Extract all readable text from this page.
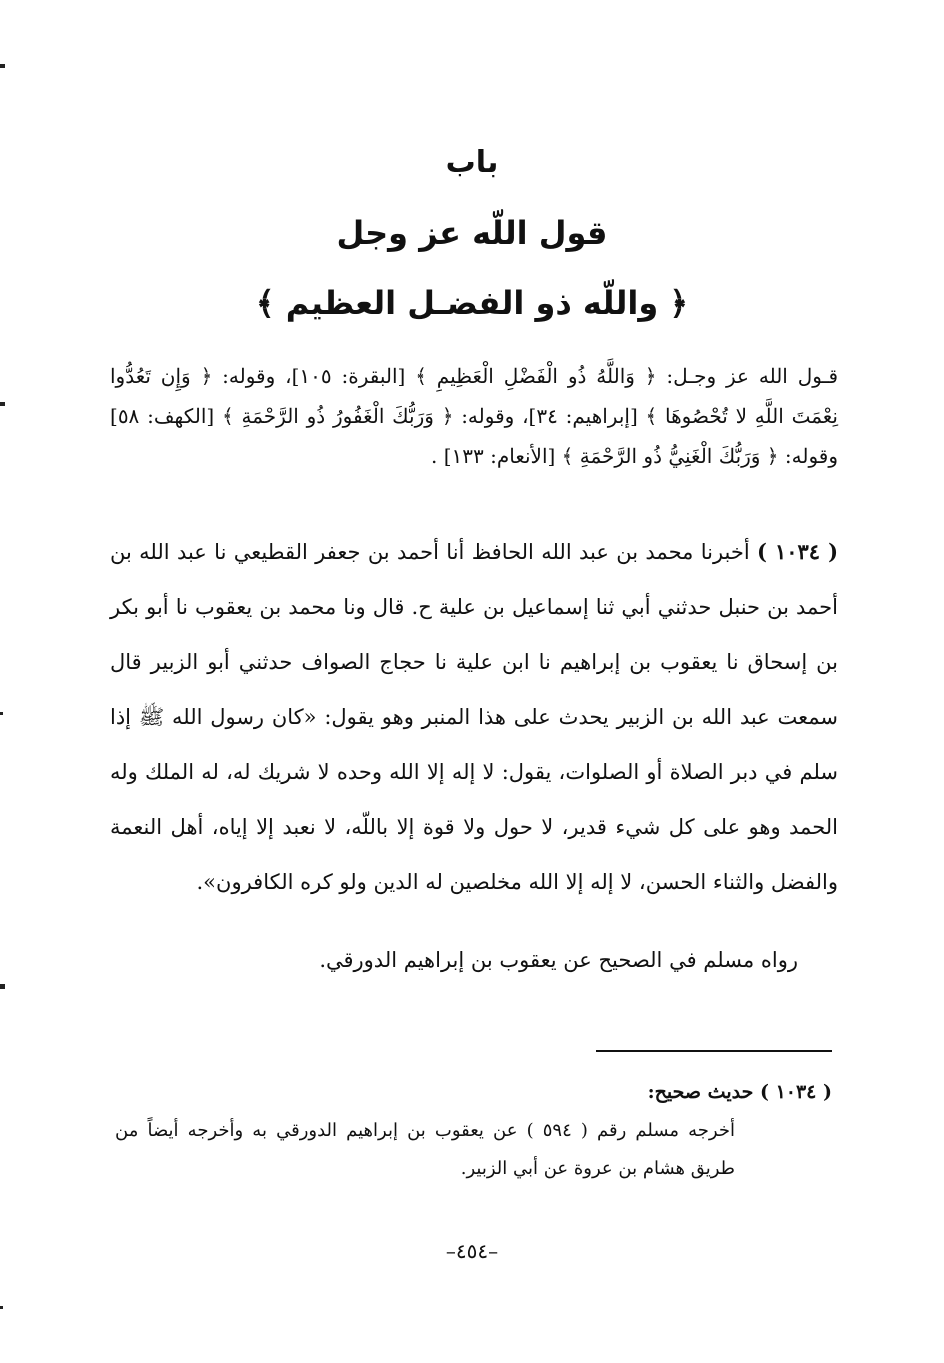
باب
قول اللّه عز وجل
﴿ واللّه ذو الفضـل العظيم ﴾
قـول الله عز وجـل: ﴿ وَاللَّهُ ذُو الْفَضْلِ الْعَظِيمِ ﴾ [البقرة: ١٠٥]، وقوله: ﴿ وَإِن تَعُدُّوا نِعْمَتَ اللَّهِ لا تُحْصُوهَا ﴾ [إبراهيم: ٣٤]، وقوله: ﴿ وَرَبُّكَ الْغَفُورُ ذُو الرَّحْمَةِ ﴾ [الكهف: ٥٨] وقوله: ﴿ وَرَبُّكَ الْغَنِيُّ ذُو الرَّحْمَةِ ﴾ [الأنعام: ١٣٣] .
( ١٠٣٤ ) أخبرنا محمد بن عبد الله الحافظ أنا أحمد بن جعفر القطيعي نا عبد الله بن أحمد بن حنبل حدثني أبي ثنا إسماعيل بن علية ح. قال ونا محمد بن يعقوب نا أبو بكر بن إسحاق نا يعقوب بن إبراهيم نا ابن علية نا حجاج الصواف حدثني أبو الزبير قال سمعت عبد الله بن الزبير يحدث على هذا المنبر وهو يقول: «كان رسول الله ﷺ إذا سلم في دبر الصلاة أو الصلوات، يقول: لا إله إلا الله وحده لا شريك له، له الملك وله الحمد وهو على كل شيء قدير، لا حول ولا قوة إلا باللّه، لا نعبد إلا إياه، أهل النعمة والفضل والثناء الحسن، لا إله إلا الله مخلصين له الدين ولو كره الكافرون».
رواه مسلم في الصحيح عن يعقوب بن إبراهيم الدورقي.
( ١٠٣٤ ) حديث صحيح:
أخرجه مسلم رقم ( ٥٩٤ ) عن يعقوب بن إبراهيم الدورقي به وأخرجه أيضاً من طريق هشام بن عروة عن أبي الزبير.
–٤٥٤–
